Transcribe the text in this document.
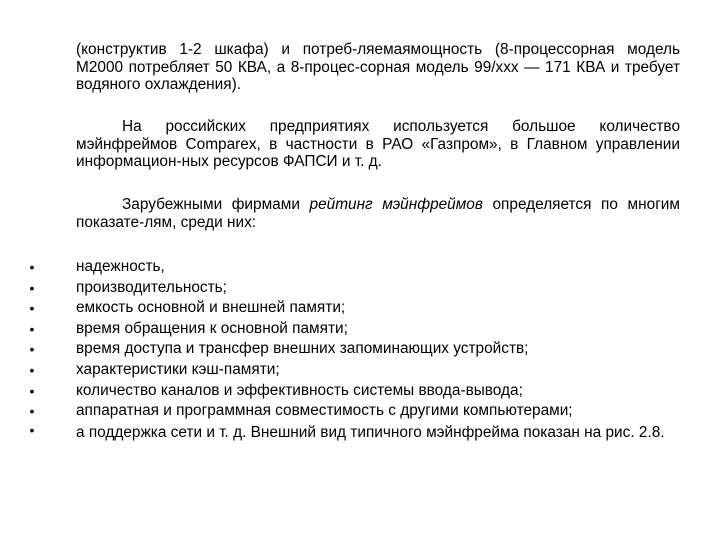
(конструктив 1-2 шкафа) и потреб-ляемаямощность (8-процессорная модель M2000 потребляет 50 КВА, а 8-процес-сорная модель 99/ххх — 171 КВА и требует водяного охлаждения).

На российских предприятиях используется большое количество мэйнфреймов Comparex, в частности в РАО «Газпром», в Главном управлении информацион-ных ресурсов ФАПСИ и т. д.

Зарубежными фирмами рейтинг мэйнфреймов определяется по многим показате-лям, среди них:

•	надежность,
•	производительность;
•	емкость основной и внешней памяти;
•	время обращения к основной памяти;
•	время доступа и трансфер внешних запоминающих устройств;
•	характеристики кэш-памяти;
•	количество каналов и эффективность системы ввода-вывода;
•	аппаратная и программная совместимость с другими компьютерами;
•	а поддержка сети и т. д. Внешний вид типичного мэйнфрейма показан на рис. 2.8.
